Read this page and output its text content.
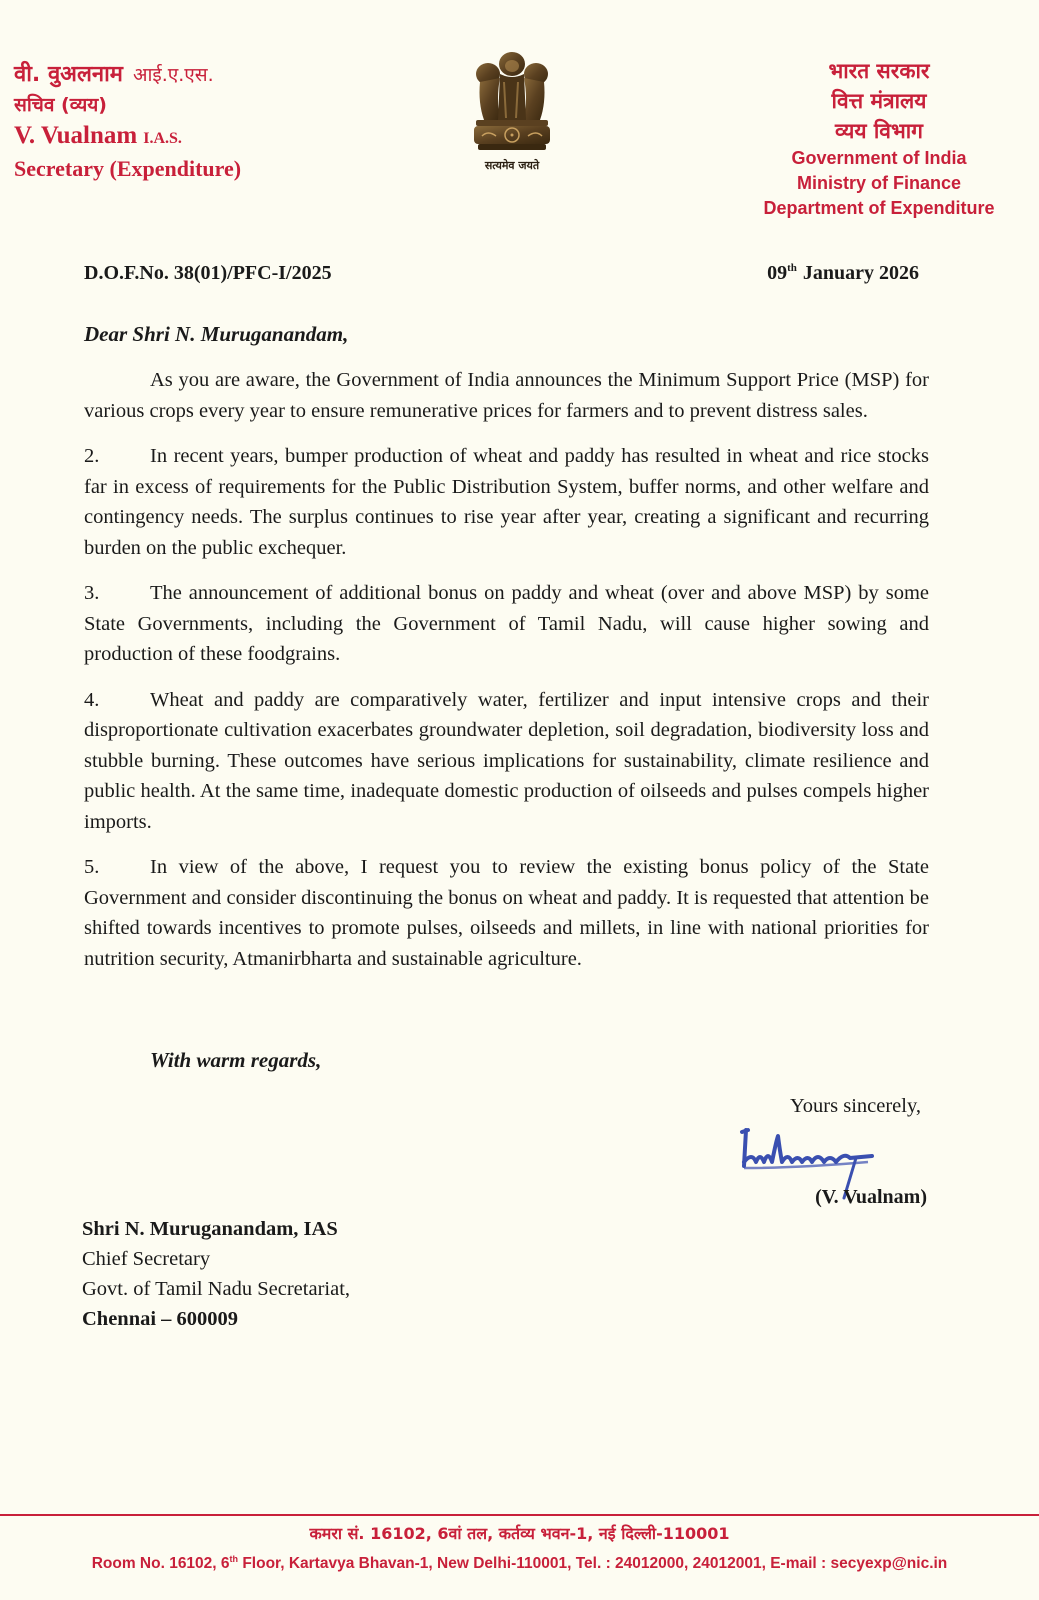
वी. वुअलनाम आई.ए.एस.
सचिव (व्यय)
V. Vualnam I.A.S.
Secretary (Expenditure)	सत्यमेव जयते
भारत सरकार
वित्त मंत्रालय
व्यय विभाग
Government of India
Ministry of Finance
Department of Expenditure
D.O.F.No. 38(01)/PFC-I/2025	09th January 2026
Dear Shri N. Muruganandam,

As you are aware, the Government of India announces the Minimum Support Price (MSP) for various crops every year to ensure remunerative prices for farmers and to prevent distress sales.

2. In recent years, bumper production of wheat and paddy has resulted in wheat and rice stocks far in excess of requirements for the Public Distribution System, buffer norms, and other welfare and contingency needs. The surplus continues to rise year after year, creating a significant and recurring burden on the public exchequer.

3. The announcement of additional bonus on paddy and wheat (over and above MSP) by some State Governments, including the Government of Tamil Nadu, will cause higher sowing and production of these foodgrains.

4. Wheat and paddy are comparatively water, fertilizer and input intensive crops and their disproportionate cultivation exacerbates groundwater depletion, soil degradation, biodiversity loss and stubble burning. These outcomes have serious implications for sustainability, climate resilience and public health. At the same time, inadequate domestic production of oilseeds and pulses compels higher imports.

5. In view of the above, I request you to review the existing bonus policy of the State Government and consider discontinuing the bonus on wheat and paddy. It is requested that attention be shifted towards incentives to promote pulses, oilseeds and millets, in line with national priorities for nutrition security, Atmanirbharta and sustainable agriculture.

With warm regards,
Yours sincerely,
(V. Vualnam)
Shri N. Muruganandam, IAS
Chief Secretary
Govt. of Tamil Nadu Secretariat,
Chennai – 600009
कमरा सं. 16102, 6वां तल, कर्तव्य भवन-1, नई दिल्ली-110001
Room No. 16102, 6th Floor, Kartavya Bhavan-1, New Delhi-110001, Tel. : 24012000, 24012001, E-mail : secyexp@nic.in
